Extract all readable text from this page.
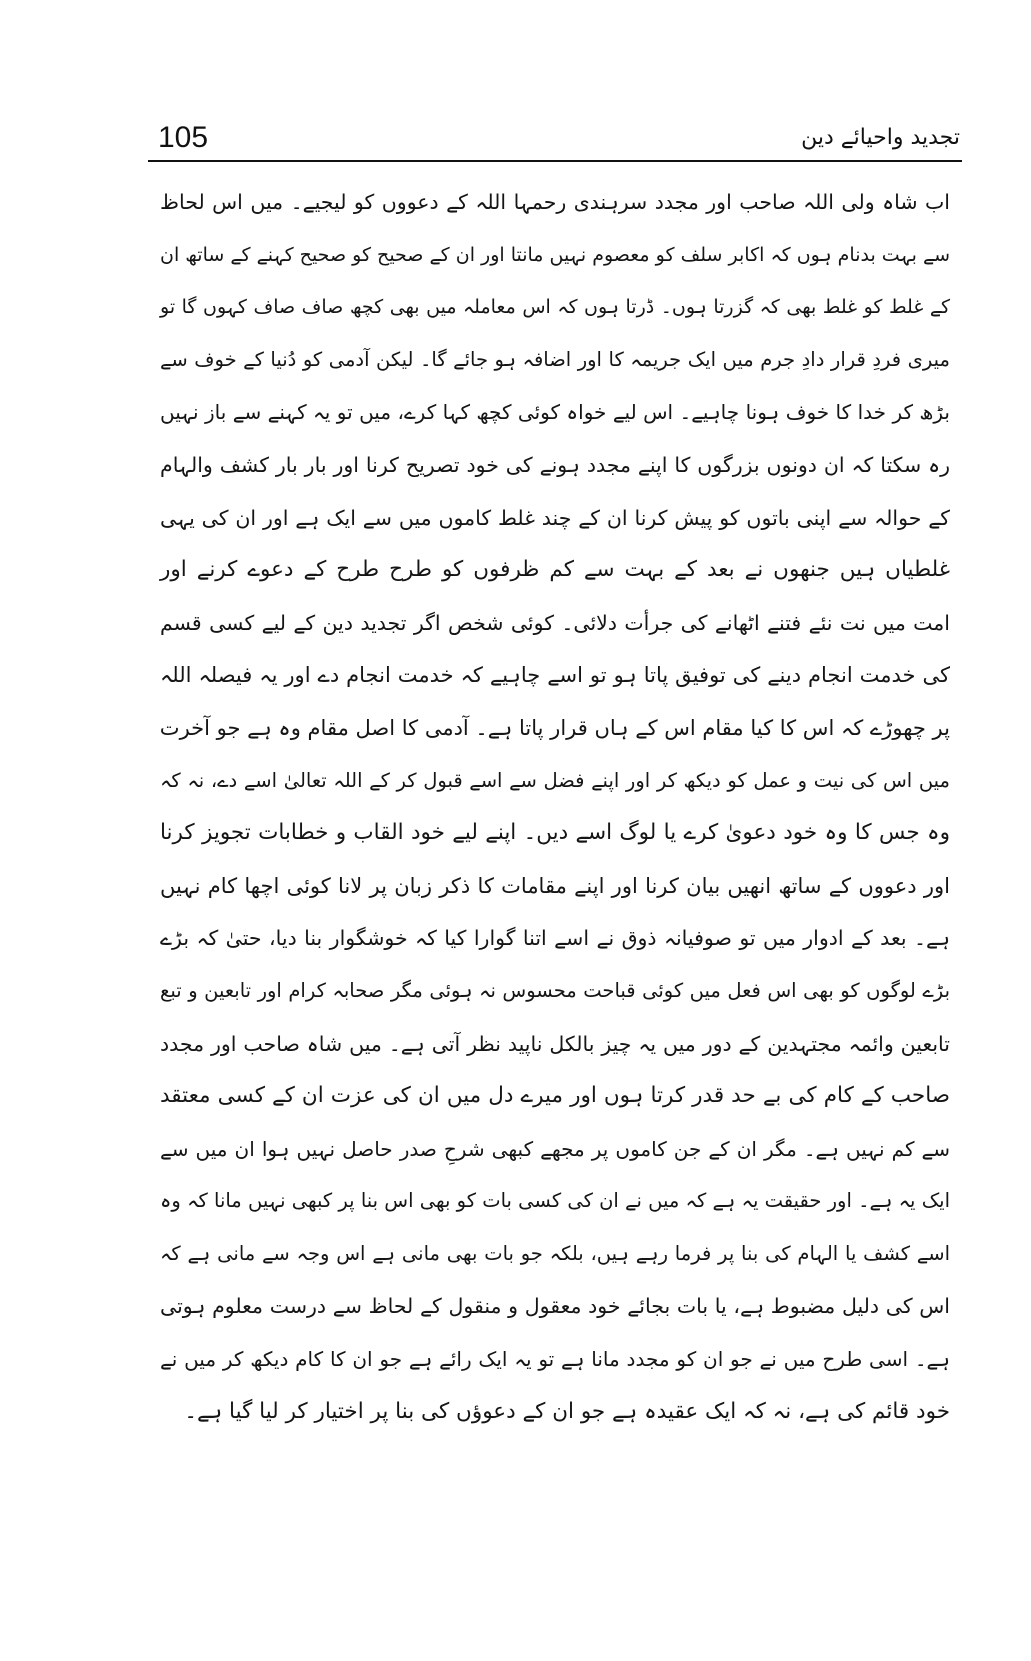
105	تجدید واحیائے دین
اب شاہ ولی اللہ صاحب اور مجدد سرہندی رحمہا اللہ کے دعووں کو لیجیے۔ میں اس لحاظ
سے بہت بدنام ہوں کہ اکابر سلف کو معصوم نہیں مانتا اور ان کے صحیح کو صحیح کہنے کے ساتھ ان
کے غلط کو غلط بھی کہ گزرتا ہوں۔ ڈرتا ہوں کہ اس معاملہ میں بھی کچھ صاف صاف کہوں گا تو
میری فردِ قرار دادِ جرم میں ایک جریمہ کا اور اضافہ ہو جائے گا۔ لیکن آدمی کو دُنیا کے خوف سے
بڑھ کر خدا کا خوف ہونا چاہیے۔ اس لیے خواہ کوئی کچھ کہا کرے، میں تو یہ کہنے سے باز نہیں
رہ سکتا کہ ان دونوں بزرگوں کا اپنے مجدد ہونے کی خود تصریح کرنا اور بار بار کشف والہام
کے حوالہ سے اپنی باتوں کو پیش کرنا ان کے چند غلط کاموں میں سے ایک ہے اور ان کی یہی
غلطیاں ہیں جنھوں نے بعد کے بہت سے کم ظرفوں کو طرح طرح کے دعوے کرنے اور
امت میں نت نئے فتنے اٹھانے کی جرأت دلائی۔ کوئی شخص اگر تجدید دین کے لیے کسی قسم
کی خدمت انجام دینے کی توفیق پاتا ہو تو اسے چاہیے کہ خدمت انجام دے اور یہ فیصلہ اللہ
پر چھوڑے کہ اس کا کیا مقام اس کے ہاں قرار پاتا ہے۔ آدمی کا اصل مقام وہ ہے جو آخرت
میں اس کی نیت و عمل کو دیکھ کر اور اپنے فضل سے اسے قبول کر کے اللہ تعالیٰ اسے دے، نہ کہ
وہ جس کا وہ خود دعویٰ کرے یا لوگ اسے دیں۔ اپنے لیے خود القاب و خطابات تجویز کرنا
اور دعووں کے ساتھ انھیں بیان کرنا اور اپنے مقامات کا ذکر زبان پر لانا کوئی اچھا کام نہیں
ہے۔ بعد کے ادوار میں تو صوفیانہ ذوق نے اسے اتنا گوارا کیا کہ خوشگوار بنا دیا، حتیٰ کہ بڑے
بڑے لوگوں کو بھی اس فعل میں کوئی قباحت محسوس نہ ہوئی مگر صحابہ کرام اور تابعین و تبع
تابعین وائمہ مجتہدین کے دور میں یہ چیز بالکل ناپید نظر آتی ہے۔ میں شاہ صاحب اور مجدد
صاحب کے کام کی بے حد قدر کرتا ہوں اور میرے دل میں ان کی عزت ان کے کسی معتقد
سے کم نہیں ہے۔ مگر ان کے جن کاموں پر مجھے کبھی شرحِ صدر حاصل نہیں ہوا ان میں سے
ایک یہ ہے۔ اور حقیقت یہ ہے کہ میں نے ان کی کسی بات کو بھی اس بنا پر کبھی نہیں مانا کہ وہ
اسے کشف یا الہام کی بنا پر فرما رہے ہیں، بلکہ جو بات بھی مانی ہے اس وجہ سے مانی ہے کہ
اس کی دلیل مضبوط ہے، یا بات بجائے خود معقول و منقول کے لحاظ سے درست معلوم ہوتی
ہے۔ اسی طرح میں نے جو ان کو مجدد مانا ہے تو یہ ایک رائے ہے جو ان کا کام دیکھ کر میں نے
خود قائم کی ہے، نہ کہ ایک عقیدہ ہے جو ان کے دعوؤں کی بنا پر اختیار کر لیا گیا ہے۔
